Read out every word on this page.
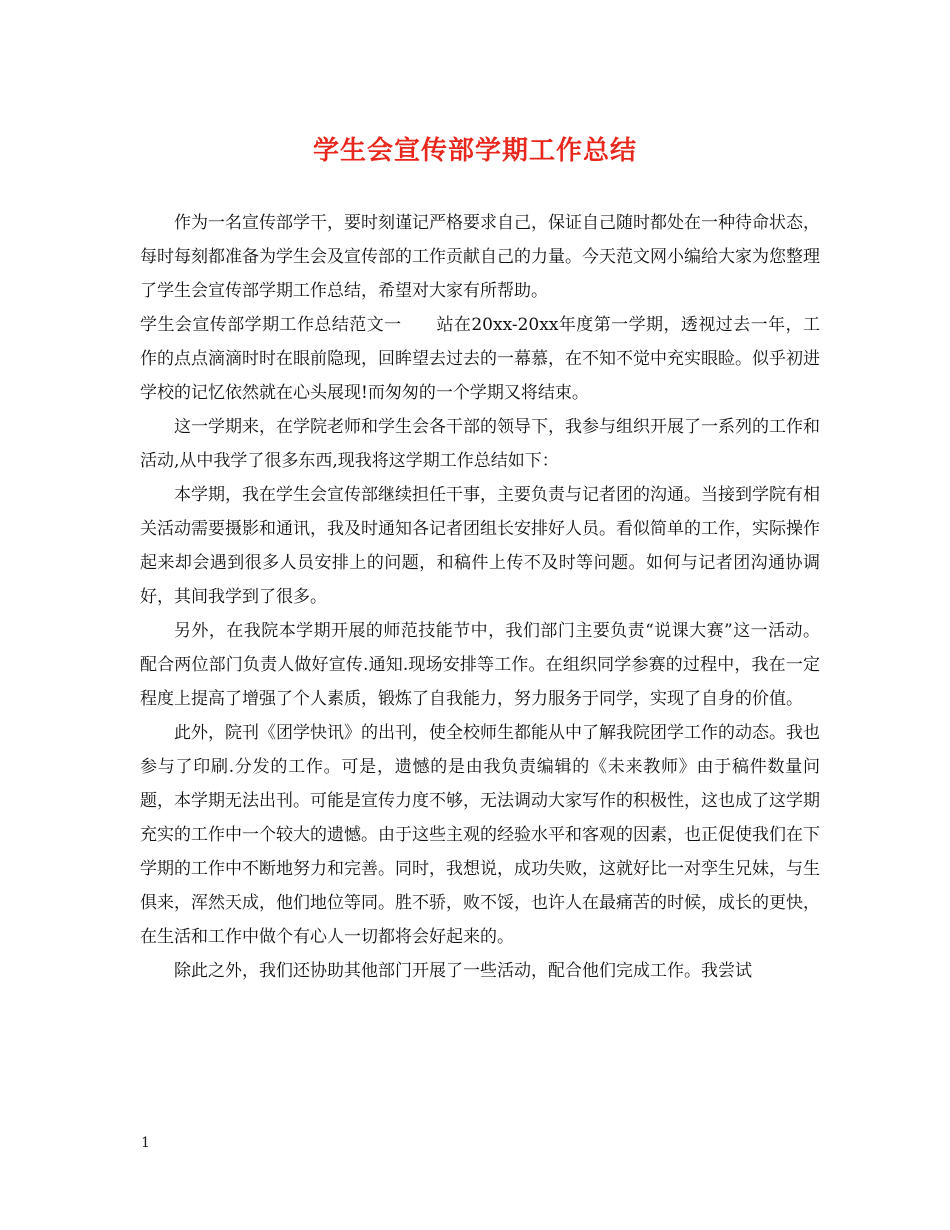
学生会宣传部学期工作总结

作为一名宣传部学干，要时刻谨记严格要求自己，保证自己随时都处在一种待命状态，每时每刻都准备为学生会及宣传部的工作贡献自己的力量。今天范文网小编给大家为您整理了学生会宣传部学期工作总结，希望对大家有所帮助。

学生会宣传部学期工作总结范文一　　站在20xx-20xx年度第一学期，透视过去一年，工作的点点滴滴时时在眼前隐现，回眸望去过去的一幕慕，在不知不觉中充实眼睑。似乎初进学校的记忆依然就在心头展现!而匆匆的一个学期又将结束。

这一学期来，在学院老师和学生会各干部的领导下，我参与组织开展了一系列的工作和活动,从中我学了很多东西,现我将这学期工作总结如下：

本学期，我在学生会宣传部继续担任干事，主要负责与记者团的沟通。当接到学院有相关活动需要摄影和通讯，我及时通知各记者团组长安排好人员。看似简单的工作，实际操作起来却会遇到很多人员安排上的问题，和稿件上传不及时等问题。如何与记者团沟通协调好，其间我学到了很多。

另外，在我院本学期开展的师范技能节中，我们部门主要负责“说课大赛”这一活动。配合两位部门负责人做好宣传.通知.现场安排等工作。在组织同学参赛的过程中，我在一定程度上提高了增强了个人素质，锻炼了自我能力，努力服务于同学，实现了自身的价值。

此外，院刊《团学快讯》的出刊，使全校师生都能从中了解我院团学工作的动态。我也参与了印刷.分发的工作。可是，遗憾的是由我负责编辑的《未来教师》由于稿件数量问题，本学期无法出刊。可能是宣传力度不够，无法调动大家写作的积极性，这也成了这学期充实的工作中一个较大的遗憾。由于这些主观的经验水平和客观的因素，也正促使我们在下学期的工作中不断地努力和完善。同时，我想说，成功失败，这就好比一对孪生兄妹，与生俱来，浑然天成，他们地位等同。胜不骄，败不馁，也许人在最痛苦的时候，成长的更快，在生活和工作中做个有心人一切都将会好起来的。

除此之外，我们还协助其他部门开展了一些活动，配合他们完成工作。我尝试

1
